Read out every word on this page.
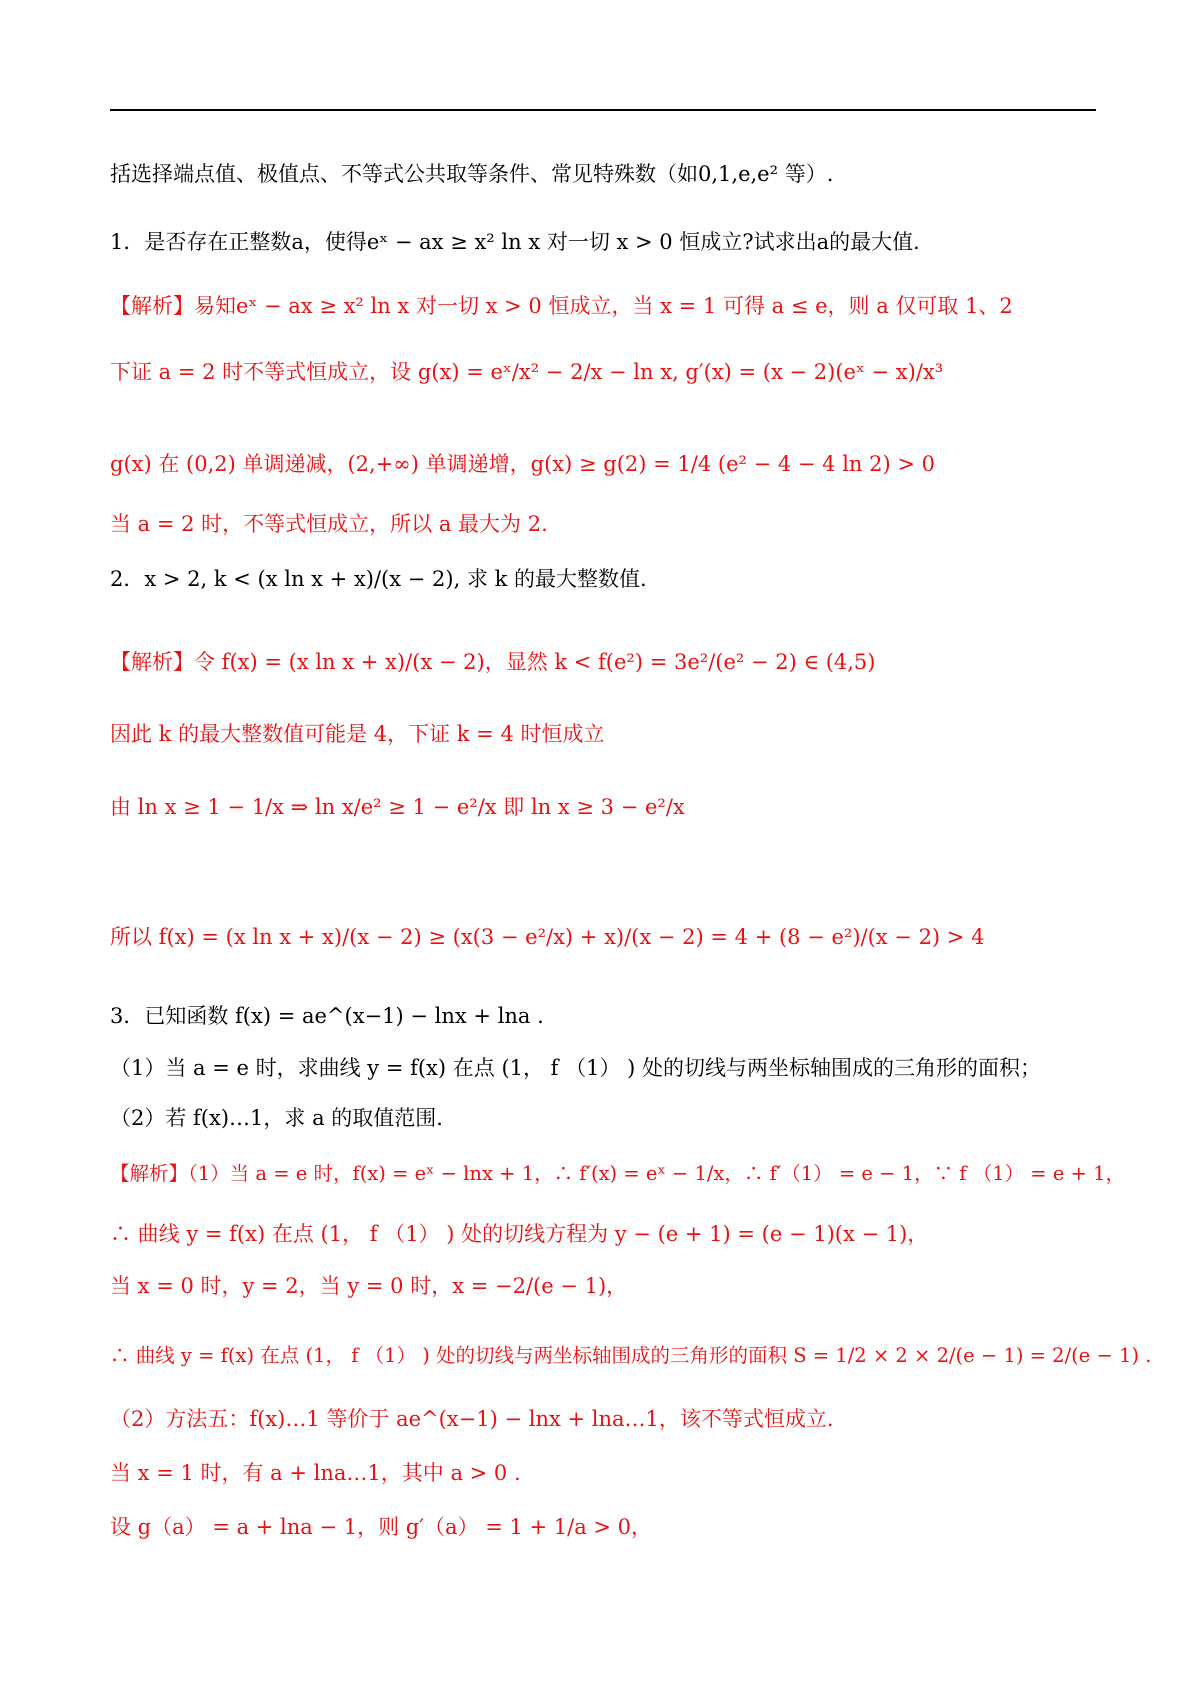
括选择端点值、极值点、不等式公共取等条件、常见特殊数（如0,1,e,e² 等）.
1．是否存在正整数a，使得eˣ − ax ≥ x² ln x 对一切 x > 0 恒成立?试求出a的最大值.
【解析】易知eˣ − ax ≥ x² ln x 对一切 x > 0 恒成立，当 x = 1 可得 a ≤ e，则 a 仅可取 1、2
下证 a = 2 时不等式恒成立，设 g(x) = eˣ/x² − 2/x − ln x, g′(x) = (x − 2)(eˣ − x)/x³
g(x) 在 (0,2) 单调递减，(2,+∞) 单调递增，g(x) ≥ g(2) = 1/4 (e² − 4 − 4 ln 2) > 0
当 a = 2 时，不等式恒成立，所以 a 最大为 2.
2．x > 2, k < (x ln x + x)/(x − 2), 求 k 的最大整数值.
【解析】令 f(x) = (x ln x + x)/(x − 2)，显然 k < f(e²) = 3e²/(e² − 2) ∈ (4,5)
因此 k 的最大整数值可能是 4，下证 k = 4 时恒成立
由 ln x ≥ 1 − 1/x ⇒ ln x/e² ≥ 1 − e²/x 即 ln x ≥ 3 − e²/x
所以 f(x) = (x ln x + x)/(x − 2) ≥ (x(3 − e²/x) + x)/(x − 2) = 4 + (8 − e²)/(x − 2) > 4
3．已知函数 f(x) = ae^(x−1) − lnx + lna .
（1）当 a = e 时，求曲线 y = f(x) 在点 (1， f （1） ) 处的切线与两坐标轴围成的三角形的面积；
（2）若 f(x)…1，求 a 的取值范围.
【解析】（1）当 a = e 时，f(x) = eˣ − lnx + 1，∴ f′(x) = eˣ − 1/x，∴ f′（1） = e − 1，∵ f （1） = e + 1，
∴ 曲线 y = f(x) 在点 (1， f （1） ) 处的切线方程为 y − (e + 1) = (e − 1)(x − 1)，
当 x = 0 时，y = 2，当 y = 0 时，x = −2/(e − 1)，
∴ 曲线 y = f(x) 在点 (1， f （1） ) 处的切线与两坐标轴围成的三角形的面积 S = 1/2 × 2 × 2/(e − 1) = 2/(e − 1) .
（2）方法五：f(x)…1 等价于 ae^(x−1) − lnx + lna…1，该不等式恒成立.
当 x = 1 时，有 a + lna…1，其中 a > 0 .
设 g（a） = a + lna − 1，则 g′（a） = 1 + 1/a > 0，
